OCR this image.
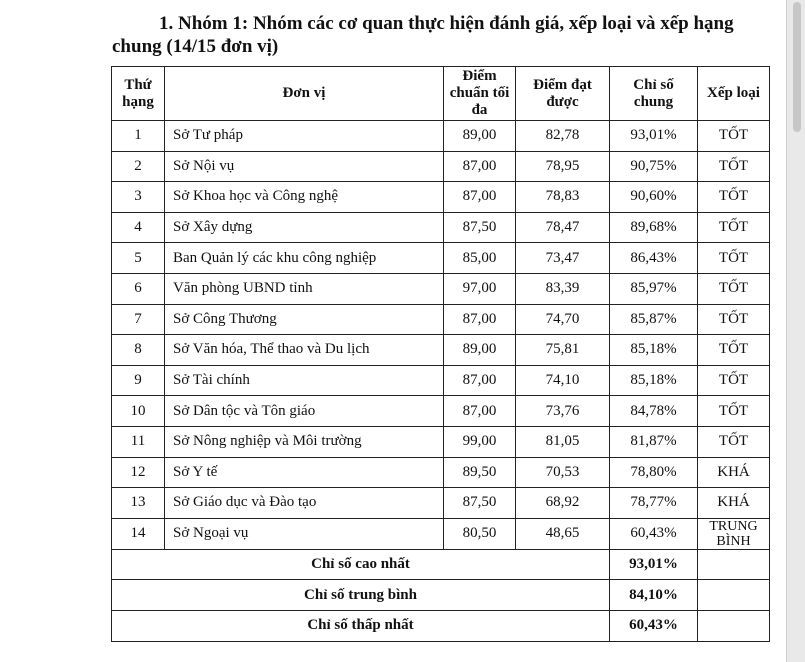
1. Nhóm 1: Nhóm các cơ quan thực hiện đánh giá, xếp loại và xếp hạng chung (14/15 đơn vị)
Thứ hạng	Đơn vị	Điểm chuẩn tối đa	Điểm đạt được	Chỉ số chung	Xếp loại
1	Sở Tư pháp	89,00	82,78	93,01%	TỐT
2	Sở Nội vụ	87,00	78,95	90,75%	TỐT
3	Sở Khoa học và Công nghệ	87,00	78,83	90,60%	TỐT
4	Sở Xây dựng	87,50	78,47	89,68%	TỐT
5	Ban Quản lý các khu công nghiệp	85,00	73,47	86,43%	TỐT
6	Văn phòng UBND tỉnh	97,00	83,39	85,97%	TỐT
7	Sở Công Thương	87,00	74,70	85,87%	TỐT
8	Sở Văn hóa, Thể thao và Du lịch	89,00	75,81	85,18%	TỐT
9	Sở Tài chính	87,00	74,10	85,18%	TỐT
10	Sở Dân tộc và Tôn giáo	87,00	73,76	84,78%	TỐT
11	Sở Nông nghiệp và Môi trường	99,00	81,05	81,87%	TỐT
12	Sở Y tế	89,50	70,53	78,80%	KHÁ
13	Sở Giáo dục và Đào tạo	87,50	68,92	78,77%	KHÁ
14	Sở Ngoại vụ	80,50	48,65	60,43%	TRUNG BÌNH
Chỉ số cao nhất				93,01%	
Chỉ số trung bình				84,10%	
Chỉ số thấp nhất				60,43%	
